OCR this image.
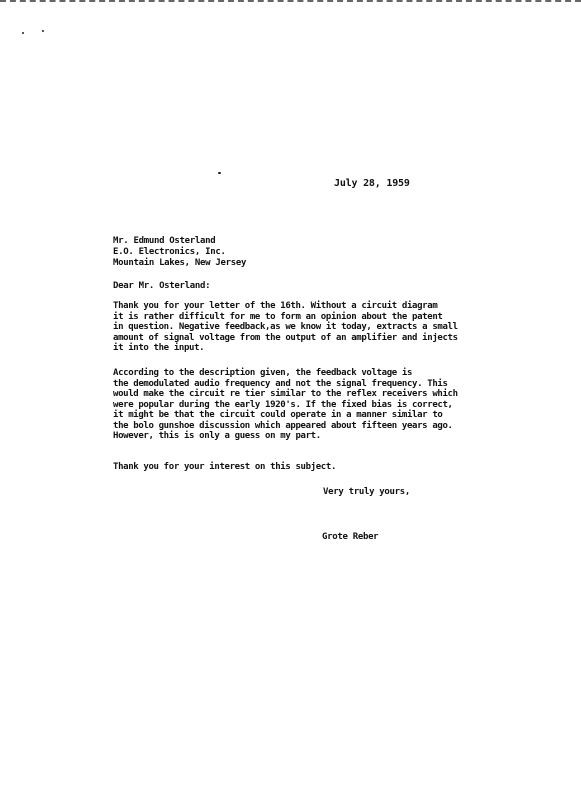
July 28, 1959
Mr. Edmund Osterland
E.O. Electronics, Inc.
Mountain Lakes, New Jersey
Dear Mr. Osterland:
Thank you for your letter of the 16th. Without a circuit diagram
it is rather difficult for me to form an opinion about the patent
in question. Negative feedback,as we know it today, extracts a small
amount of signal voltage from the output of an amplifier and injects
it into the input.
According to the description given, the feedback voltage is
the demodulated audio frequency and not the signal frequency. This
would make the circuit re tier similar to the reflex receivers which
were popular during the early 1920's. If the fixed bias is correct,
it might be that the circuit could operate in a manner similar to
the bolo gunshoe discussion which appeared about fifteen years ago.
However, this is only a guess on my part.
Thank you for your interest on this subject.
Very truly yours,
Grote Reber
